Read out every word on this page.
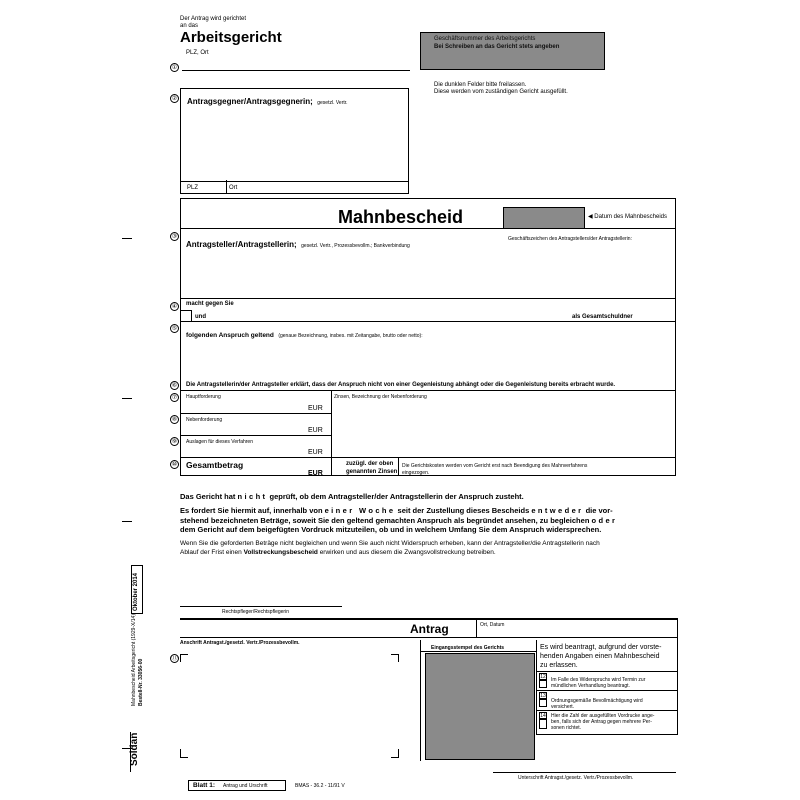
Der Antrag wird gerichtet
an das
Arbeitsgericht
PLZ, Ort
①
Geschäftsnummer des Arbeitsgerichts
Bei Schreiben an das Gericht stets angeben
Die dunklen Felder bitte freilassen.
Diese werden vom zuständigen Gericht ausgefüllt.
② Antragsgegner/Antragsgegnerin; gesetzl. Vertr.
PLZ	Ort
Mahnbescheid	◀ Datum des Mahnbescheids
③
Antragsteller/Antragstellerin; gesetzl. Vertr., Prozessbevollm.; Bankverbindung
Geschäftszeichen des Antragstellers/der Antragstellerin:
④	macht gegen Sie
und	als Gesamtschuldner
⑤
folgenden Anspruch geltend (genaue Bezeichnung, insbes. mit Zeitangabe, brutto oder netto):
⑥	Die Antragstellerin/der Antragsteller erklärt, dass der Anspruch nicht von einer Gegenleistung abhängt oder die Gegenleistung bereits erbracht wurde.
⑦	Hauptforderung
EUR
Zinsen, Bezeichnung der Nebenforderung
⑧	Nebenforderung
EUR
⑨	Auslagen für dieses Verfahren
EUR
⑩ Gesamtbetrag
EUR
zuzügl. der oben
genannten Zinsen
Die Gerichtskosten werden vom Gericht erst nach Beendigung des Mahnverfahrens
eingezogen.
Das Gericht hat nicht geprüft, ob dem Antragsteller/der Antragstellerin der Anspruch zusteht.
Es fordert Sie hiermit auf, innerhalb von einer Woche seit der Zustellung dieses Bescheids entweder die vor-
stehend bezeichneten Beträge, soweit Sie den geltend gemachten Anspruch als begründet ansehen, zu begleichen oder
dem Gericht auf dem beigefügten Vordruck mitzuteilen, ob und in welchem Umfang Sie dem Anspruch widersprechen.
Wenn Sie die geforderten Beträge nicht begleichen und wenn Sie auch nicht Widerspruch erheben, kann der Antragsteller/die Antragstellerin nach
Ablauf der Frist einen Vollstreckungsbescheid erwirken und aus diesem die Zwangsvollstreckung betreiben.
Rechtspfleger/Rechtspflegerin
Antrag	Ort, Datum
Anschrift Antragst./gesetzl. Vertr./Prozessbevollm.
⑪
Eingangsstempel des Gerichts	Es wird beantragt, aufgrund der vorste-
henden Angaben einen Mahnbescheid
zu erlassen.
12 Im Falle des Widerspruchs wird Termin zur
mündlichen Verhandlung beantragt.
13
Ordnungsgemäße Bevollmächtigung wird
versichert.
14 Hier die Zahl der ausgefüllten Vordrucke ange-
ben, falls sich der Antrag gegen mehrere Per-
sonen richtet.
Unterschrift Antragst./gesetz. Vertr./Prozessbevollm.
Blatt 1: Antrag und Urschrift	BMAS - 36.2 - 11/91 V
Oktober 2014
Mahnbescheid Arbeitsgericht (1929-X/14) Bestell-Nr. 33056-00
Soldan
